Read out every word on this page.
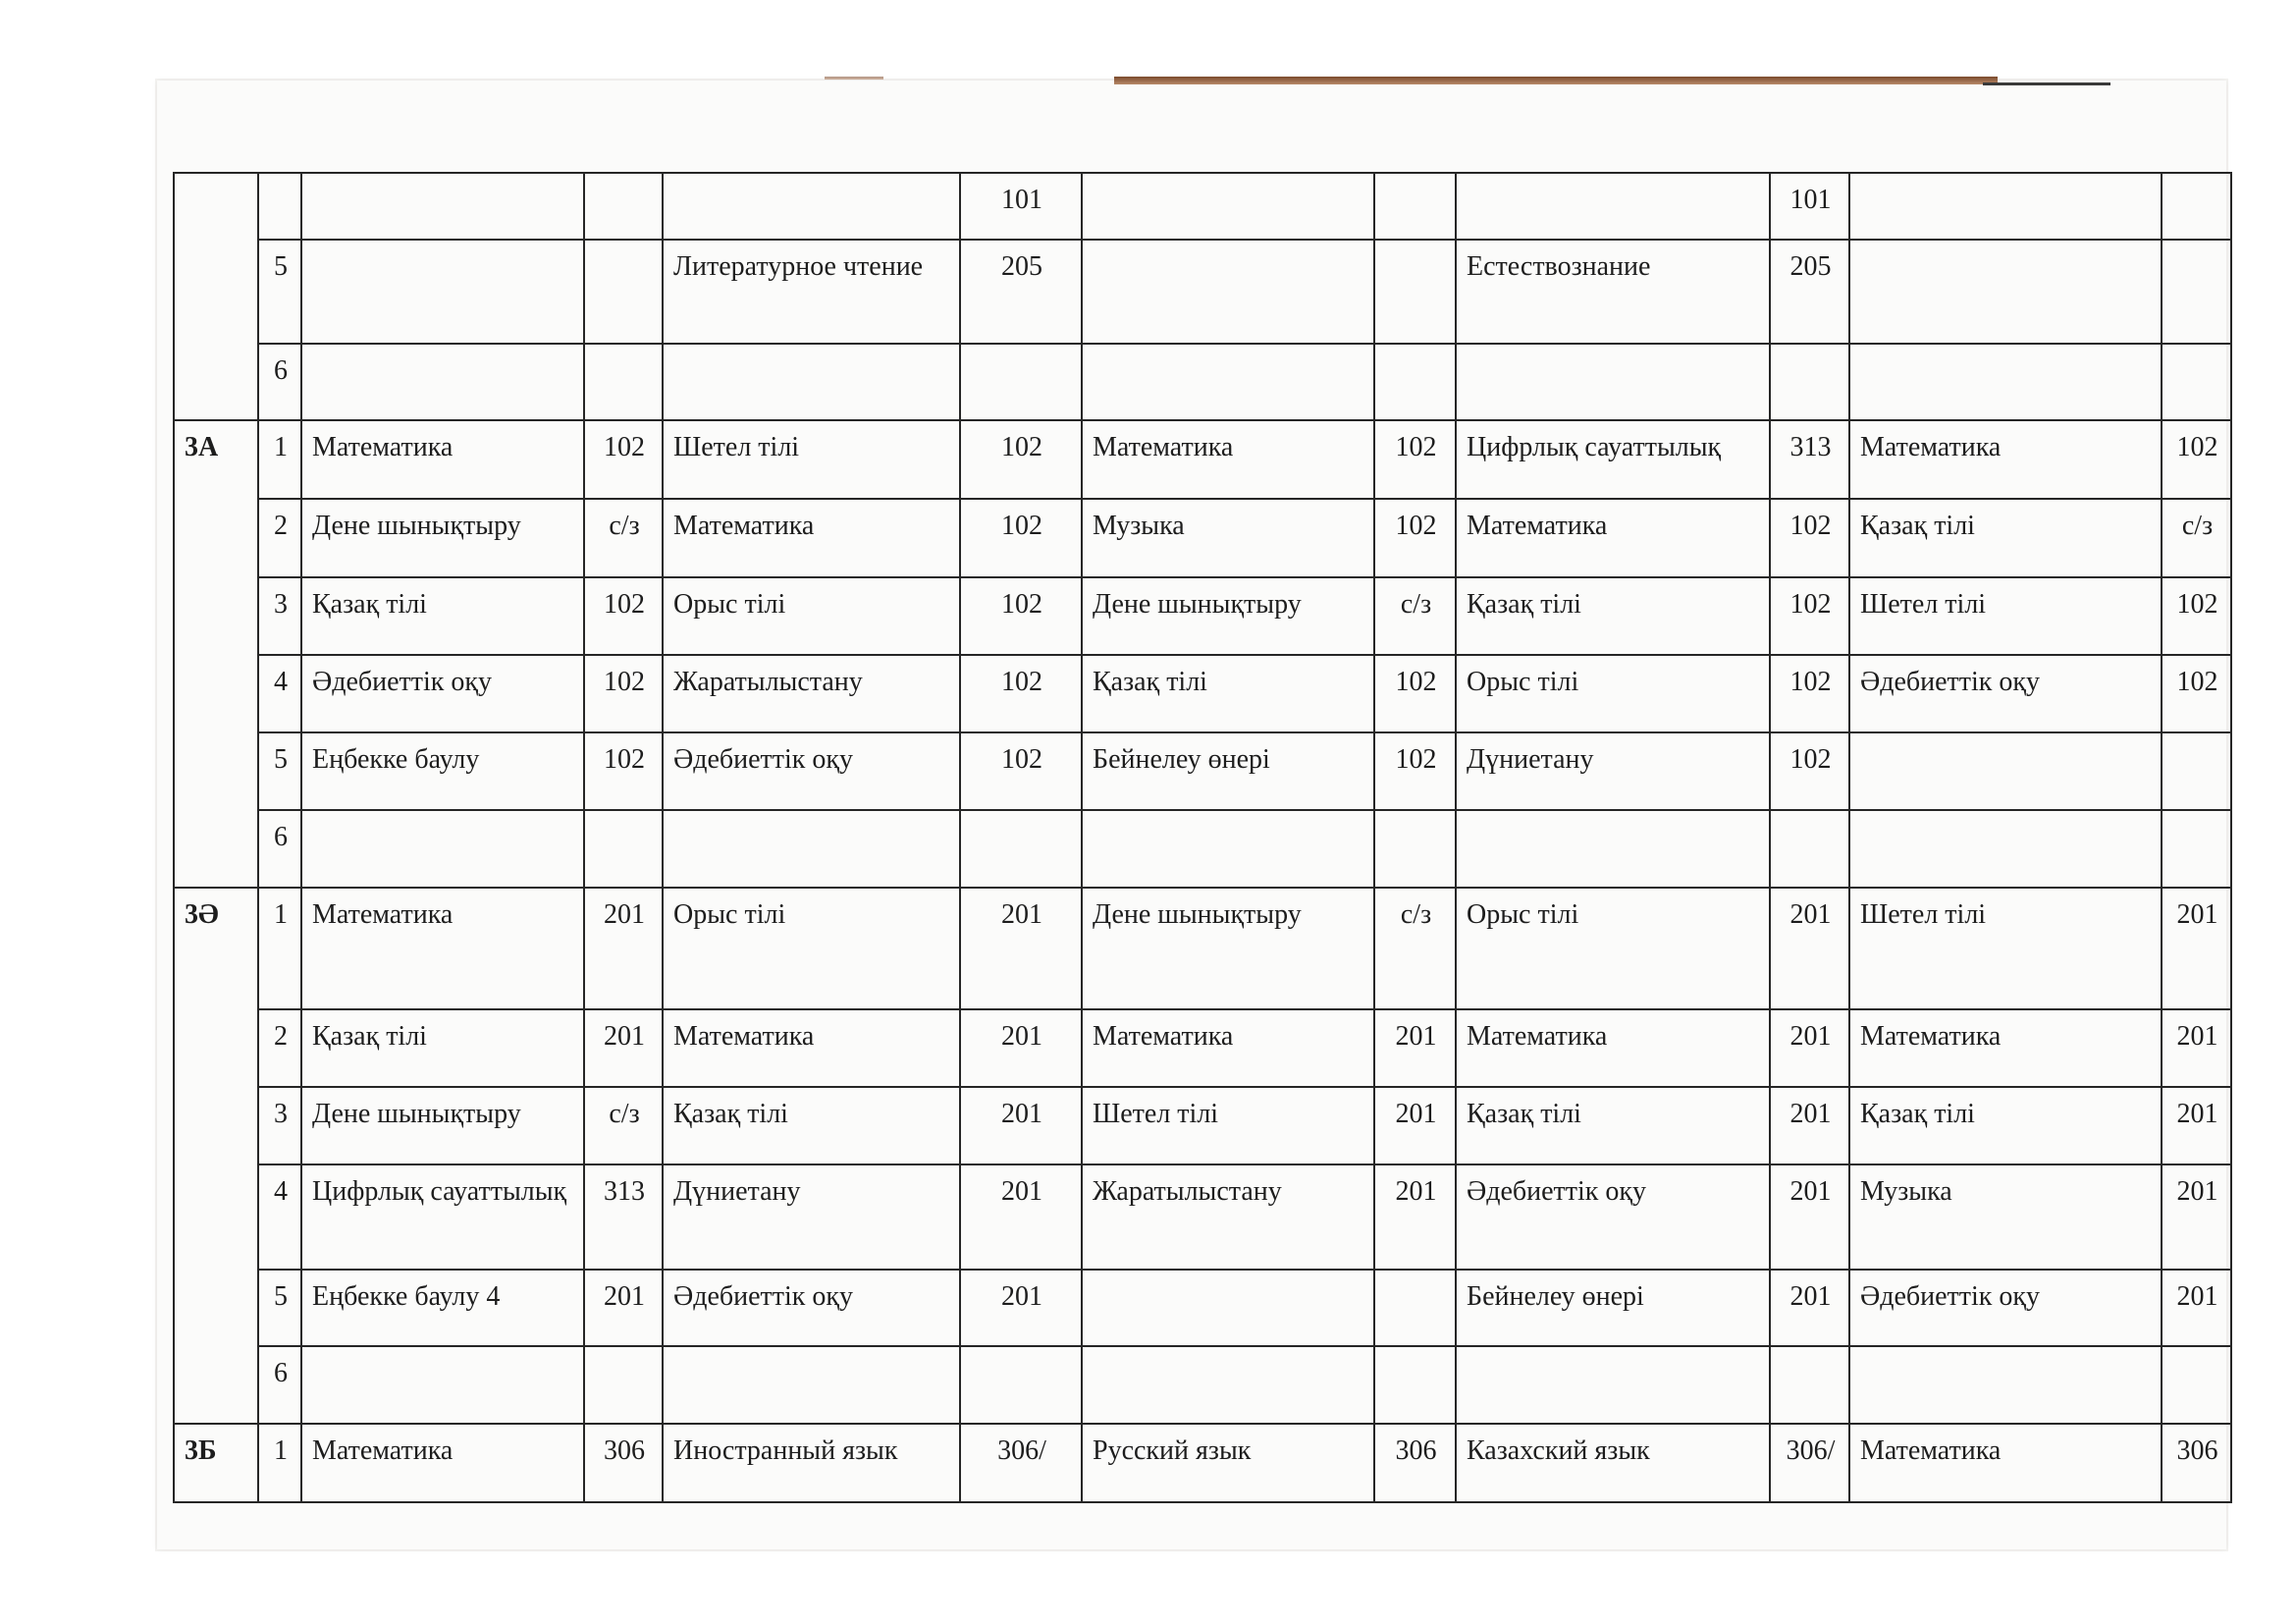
					101				101		
	5			Литературное чтение	205			Естествознание	205		
	6										
3А	1	Математика	102	Шетел тілі	102	Математика	102	Цифрлық сауаттылық	313	Математика	102
	2	Дене шынықтыру	с/з	Математика	102	Музыка	102	Математика	102	Қазақ тілі	с/з
	3	Қазақ тілі	102	Орыс тілі	102	Дене шынықтыру	с/з	Қазақ тілі	102	Шетел тілі	102
	4	Әдебиеттік оқу	102	Жаратылыстану	102	Қазақ тілі	102	Орыс тілі	102	Әдебиеттік оқу	102
	5	Еңбекке баулу	102	Әдебиеттік оқу	102	Бейнелеу өнері	102	Дүниетану	102		
	6										
3Ә	1	Математика	201	Орыс тілі	201	Дене шынықтыру	с/з	Орыс тілі	201	Шетел тілі	201
	2	Қазақ тілі	201	Математика	201	Математика	201	Математика	201	Математика	201
	3	Дене шынықтыру	с/з	Қазақ тілі	201	Шетел тілі	201	Қазақ тілі	201	Қазақ тілі	201
	4	Цифрлық сауаттылық	313	Дүниетану	201	Жаратылыстану	201	Әдебиеттік оқу	201	Музыка	201
	5	Еңбекке баулу 4	201	Әдебиеттік оқу	201			Бейнелеу өнері	201	Әдебиеттік оқу	201
	6										
3Б	1	Математика	306	Иностранный язык	306/	Русский язык	306	Казахский язык	306/	Математика	306
